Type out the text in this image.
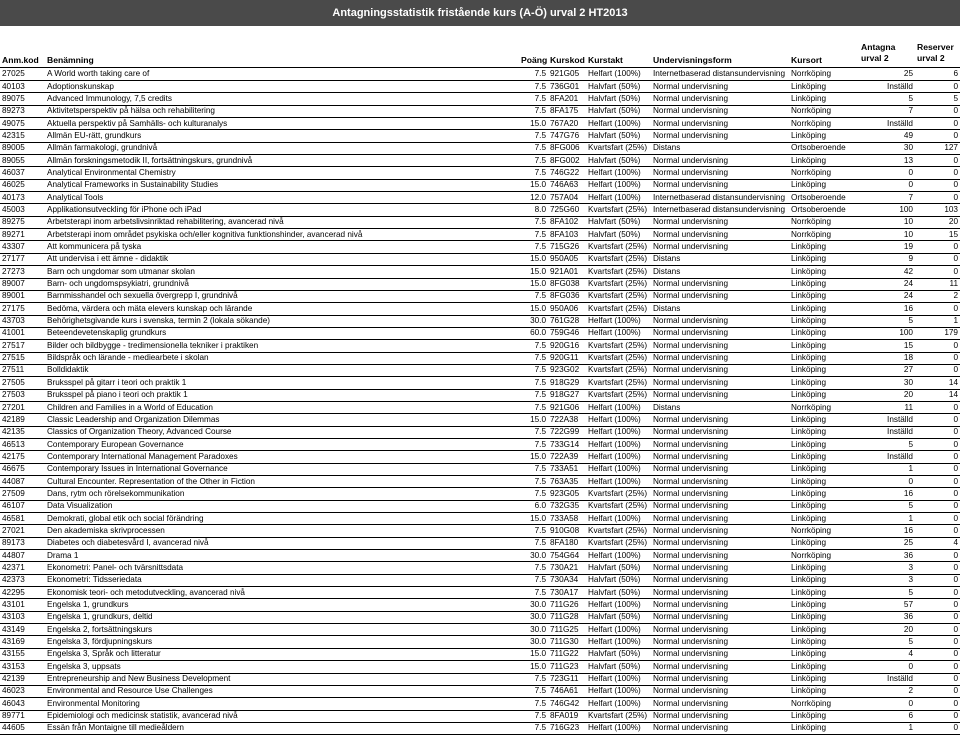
Antagningsstatistik fristående kurs (A-Ö) urval 2 HT2013
Anm.kod	Benämning	Poäng	Kurskod	Kurstakt	Undervisningsform	Kursort	Antagna urval 2	Reserver urval 2
27025	A World worth taking care of	7.5	921G05	Helfart (100%)	Internetbaserad distansundervisning	Norrköping	25	6
40103	Adoptionskunskap	7.5	736G01	Halvfart (50%)	Normal undervisning	Linköping	Inställd	0
89075	Advanced Immunology, 7,5 credits	7.5	8FA201	Halvfart (50%)	Normal undervisning	Linköping	5	5
89273	Aktivitetsperspektiv på hälsa och rehabilitering	7.5	8FA175	Halvfart (50%)	Normal undervisning	Norrköping	7	0
49075	Aktuella perspektiv på Samhälls- och kulturanalys	15.0	767A20	Helfart (100%)	Normal undervisning	Norrköping	Inställd	0
42315	Allmän EU-rätt, grundkurs	7.5	747G76	Halvfart (50%)	Normal undervisning	Linköping	49	0
89005	Allmän farmakologi, grundnivå	7.5	8FG006	Kvartsfart (25%)	Distans	Ortsoberoende	30	127
89055	Allmän forskningsmetodik II, fortsättningskurs, grundnivå	7.5	8FG002	Halvfart (50%)	Normal undervisning	Linköping	13	0
46037	Analytical Environmental Chemistry	7.5	746G22	Helfart (100%)	Normal undervisning	Norrköping	0	0
46025	Analytical Frameworks in Sustainability Studies	15.0	746A63	Helfart (100%)	Normal undervisning	Linköping	0	0
40173	Analytical Tools	12.0	757A04	Helfart (100%)	Internetbaserad distansundervisning	Ortsoberoende	7	0
45003	Applikationsutveckling för iPhone och iPad	8.0	725G60	Kvartsfart (25%)	Internetbaserad distansundervisning	Ortsoberoende	100	103
89275	Arbetsterapi inom arbetslivsinriktad rehabilitering, avancerad nivå	7.5	8FA102	Halvfart (50%)	Normal undervisning	Norrköping	10	20
89271	Arbetsterapi inom området psykiska och/eller kognitiva funktionshinder, avancerad nivå	7.5	8FA103	Halvfart (50%)	Normal undervisning	Norrköping	10	15
43307	Att kommunicera på tyska	7.5	715G26	Kvartsfart (25%)	Normal undervisning	Linköping	19	0
27177	Att undervisa i ett ämne - didaktik	15.0	950A05	Kvartsfart (25%)	Distans	Linköping	9	0
27273	Barn och ungdomar som utmanar skolan	15.0	921A01	Kvartsfart (25%)	Distans	Linköping	42	0
89007	Barn- och ungdomspsykiatri, grundnivå	15.0	8FG038	Kvartsfart (25%)	Normal undervisning	Linköping	24	11
89001	Barnmisshandel och sexuella övergrepp I, grundnivå	7.5	8FG036	Kvartsfart (25%)	Normal undervisning	Linköping	24	2
27175	Bedöma, värdera och mäta elevers kunskap och lärande	15.0	950A06	Kvartsfart (25%)	Distans	Linköping	16	0
43703	Behörighetsgivande kurs i svenska, termin 2 (lokala sökande)	30.0	761G28	Helfart (100%)	Normal undervisning	Linköping	5	1
41001	Beteendevetenskaplig grundkurs	60.0	759G46	Helfart (100%)	Normal undervisning	Linköping	100	179
27517	Bilder och bildbygge - tredimensionella tekniker i praktiken	7.5	920G16	Kvartsfart (25%)	Normal undervisning	Linköping	15	0
27515	Bildspråk och lärande - mediearbete i skolan	7.5	920G11	Kvartsfart (25%)	Normal undervisning	Linköping	18	0
27511	Bolldidaktik	7.5	923G02	Kvartsfart (25%)	Normal undervisning	Linköping	27	0
27505	Bruksspel på gitarr i teori och praktik 1	7.5	918G29	Kvartsfart (25%)	Normal undervisning	Linköping	30	14
27503	Bruksspel på piano i teori och praktik 1	7.5	918G27	Kvartsfart (25%)	Normal undervisning	Linköping	20	14
27201	Children and Families in a World of Education	7.5	921G06	Helfart (100%)	Distans	Norrköping	11	0
42189	Classic Leadership and Organization Dilemmas	15.0	722A38	Helfart (100%)	Normal undervisning	Linköping	Inställd	0
42135	Classics of Organization Theory, Advanced Course	7.5	722G99	Helfart (100%)	Normal undervisning	Linköping	Inställd	0
46513	Contemporary European Governance	7.5	733G14	Helfart (100%)	Normal undervisning	Linköping	5	0
42175	Contemporary International Management Paradoxes	15.0	722A39	Helfart (100%)	Normal undervisning	Linköping	Inställd	0
46675	Contemporary Issues in International Governance	7.5	733A51	Helfart (100%)	Normal undervisning	Linköping	1	0
44087	Cultural Encounter. Representation of the Other in Fiction	7.5	763A35	Helfart (100%)	Normal undervisning	Linköping	0	0
27509	Dans, rytm och rörelsekommunikation	7.5	923G05	Kvartsfart (25%)	Normal undervisning	Linköping	16	0
46107	Data Visualization	6.0	732G35	Kvartsfart (25%)	Normal undervisning	Linköping	5	0
46581	Demokrati, global etik och social förändring	15.0	733A58	Helfart (100%)	Normal undervisning	Linköping	1	0
27021	Den akademiska skrivprocessen	7.5	910G08	Kvartsfart (25%)	Normal undervisning	Norrköping	16	0
89173	Diabetes och diabetesvård I, avancerad nivå	7.5	8FA180	Kvartsfart (25%)	Normal undervisning	Linköping	25	4
44807	Drama 1	30.0	754G64	Helfart (100%)	Normal undervisning	Norrköping	36	0
42371	Ekonometri: Panel- och tvärsnittsdata	7.5	730A21	Halvfart (50%)	Normal undervisning	Linköping	3	0
42373	Ekonometri: Tidsseriedata	7.5	730A34	Halvfart (50%)	Normal undervisning	Linköping	3	0
42295	Ekonomisk teori- och metodutveckling, avancerad nivå	7.5	730A17	Halvfart (50%)	Normal undervisning	Linköping	5	0
43101	Engelska 1, grundkurs	30.0	711G26	Helfart (100%)	Normal undervisning	Linköping	57	0
43103	Engelska 1, grundkurs, deltid	30.0	711G28	Halvfart (50%)	Normal undervisning	Linköping	36	0
43149	Engelska 2, fortsättningskurs	30.0	711G25	Helfart (100%)	Normal undervisning	Linköping	20	0
43169	Engelska 3, fördjupningskurs	30.0	711G30	Helfart (100%)	Normal undervisning	Linköping	5	0
43155	Engelska 3, Språk och litteratur	15.0	711G22	Halvfart (50%)	Normal undervisning	Linköping	4	0
43153	Engelska 3, uppsats	15.0	711G23	Halvfart (50%)	Normal undervisning	Linköping	0	0
42139	Entrepreneurship and New Business Development	7.5	723G11	Helfart (100%)	Normal undervisning	Linköping	Inställd	0
46023	Environmental and Resource Use Challenges	7.5	746A61	Helfart (100%)	Normal undervisning	Linköping	2	0
46043	Environmental Monitoring	7.5	746G42	Helfart (100%)	Normal undervisning	Norrköping	0	0
89771	Epidemiologi och medicinsk statistik, avancerad nivå	7.5	8FA019	Kvartsfart (25%)	Normal undervisning	Linköping	6	0
44605	Essän från Montaigne till medieåldern	7.5	716G23	Helfart (100%)	Normal undervisning	Linköping	1	0
